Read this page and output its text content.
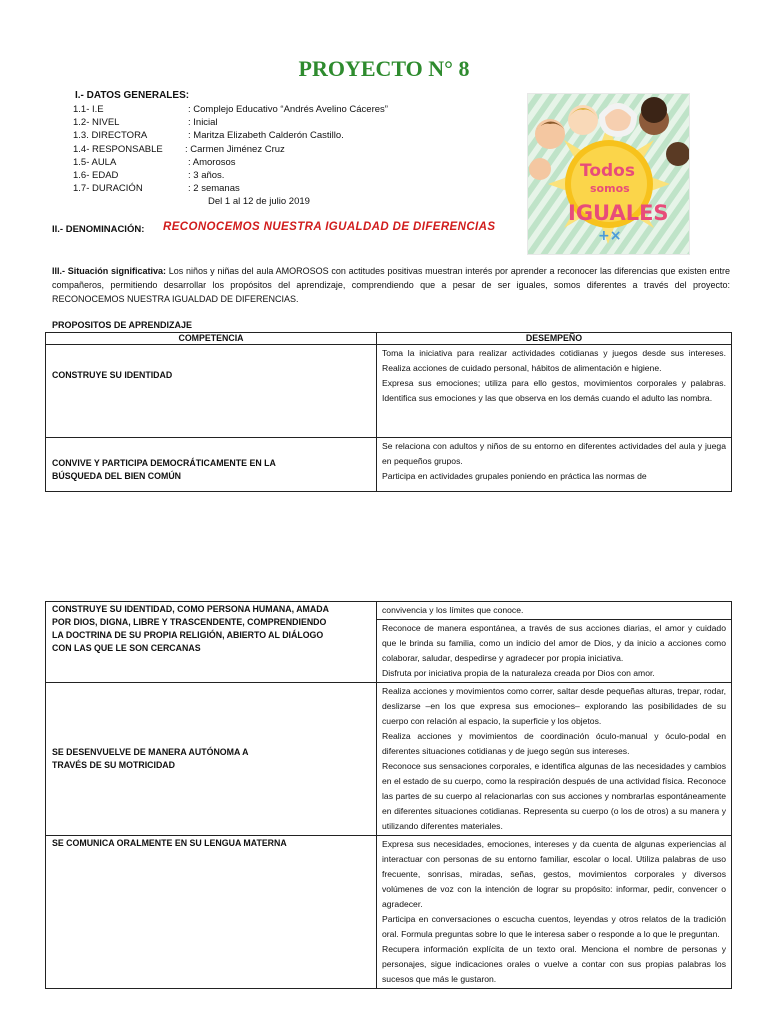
PROYECTO N° 8
I.- DATOS GENERALES:
1.1- I.E	: Complejo Educativo “Andrés Avelino Cáceres”
1.2- NIVEL	: Inicial
1.3. DIRECTORA	: Maritza Elizabeth Calderón Castillo.
1.4- RESPONSABLE : Carmen Jiménez Cruz
1.5- AULA	: Amorosos
1.6- EDAD	: 3 años.
1.7- DURACIÓN	: 2 semanas
Del 1 al 12 de julio 2019
Todos
somos
IGUALES
+×
II.- DENOMINACIÓN: RECONOCEMOS NUESTRA IGUALDAD DE DIFERENCIAS
III.- Situación significativa: Los niños y niñas del aula AMOROSOS con actitudes positivas muestran interés por aprender a reconocer las diferencias que existen entre compañeros, permitiendo desarrollar los propósitos del aprendizaje, comprendiendo que a pesar de ser iguales, somos diferentes a través del proyecto: RECONOCEMOS NUESTRA IGUALDAD DE DIFERENCIAS.
PROPOSITOS DE APRENDIZAJE
COMPETENCIA	DESEMPEÑO

CONSTRUYE SU IDENTIDAD	Toma la iniciativa para realizar actividades cotidianas y juegos desde sus intereses. Realiza acciones de cuidado personal, hábitos de alimentación e higiene.

Expresa sus emociones; utiliza para ello gestos, movimientos corporales y palabras. Identifica sus emociones y las que observa en los demás cuando el adulto las nombra.

CONVIVE Y PARTICIPA DEMOCRÁTICAMENTE EN LA BÚSQUEDA DEL BIEN COMÚN	Se relaciona con adultos y niños de su entorno en diferentes actividades del aula y juega en pequeños grupos.

Participa en actividades grupales poniendo en práctica las normas de

CONSTRUYE SU IDENTIDAD, COMO PERSONA HUMANA, AMADA POR DIOS, DIGNA, LIBRE Y TRASCENDENTE, COMPRENDIENDO LA DOCTRINA DE SU PROPIA RELIGIÓN, ABIERTO AL DIÁLOGO CON LAS QUE LE SON CERCANAS	convivencia y los límites que conoce.

	Reconoce de manera espontánea, a través de sus acciones diarias, el amor y cuidado que le brinda su familia, como un indicio del amor de Dios, y da inicio a acciones como colaborar, saludar, despedirse y agradecer por propia iniciativa.

Disfruta por iniciativa propia de la naturaleza creada por Dios con amor.

SE DESENVUELVE DE MANERA AUTÓNOMA A TRAVÉS DE SU MOTRICIDAD	Realiza acciones y movimientos como correr, saltar desde pequeñas alturas, trepar, rodar, deslizarse –en los que expresa sus emociones– explorando las posibilidades de su cuerpo con relación al espacio, la superficie y los objetos.

Realiza acciones y movimientos de coordinación óculo-manual y óculo-podal en diferentes situaciones cotidianas y de juego según sus intereses.

Reconoce sus sensaciones corporales, e identifica algunas de las necesidades y cambios en el estado de su cuerpo, como la respiración después de una actividad física. Reconoce las partes de su cuerpo al relacionarlas con sus acciones y nombrarlas espontáneamente en diferentes situaciones cotidianas. Representa su cuerpo (o los de otros) a su manera y utilizando diferentes materiales.

SE COMUNICA ORALMENTE EN SU LENGUA MATERNA	Expresa sus necesidades, emociones, intereses y da cuenta de algunas experiencias al interactuar con personas de su entorno familiar, escolar o local. Utiliza palabras de uso frecuente, sonrisas, miradas, señas, gestos, movimientos corporales y diversos volúmenes de voz con la intención de lograr su propósito: informar, pedir, convencer o agradecer.

Participa en conversaciones o escucha cuentos, leyendas y otros relatos de la tradición oral. Formula preguntas sobre lo que le interesa saber o responde a lo que le preguntan.

Recupera información explícita de un texto oral. Menciona el nombre de personas y personajes, sigue indicaciones orales o vuelve a contar con sus propias palabras los sucesos que más le gustaron.
